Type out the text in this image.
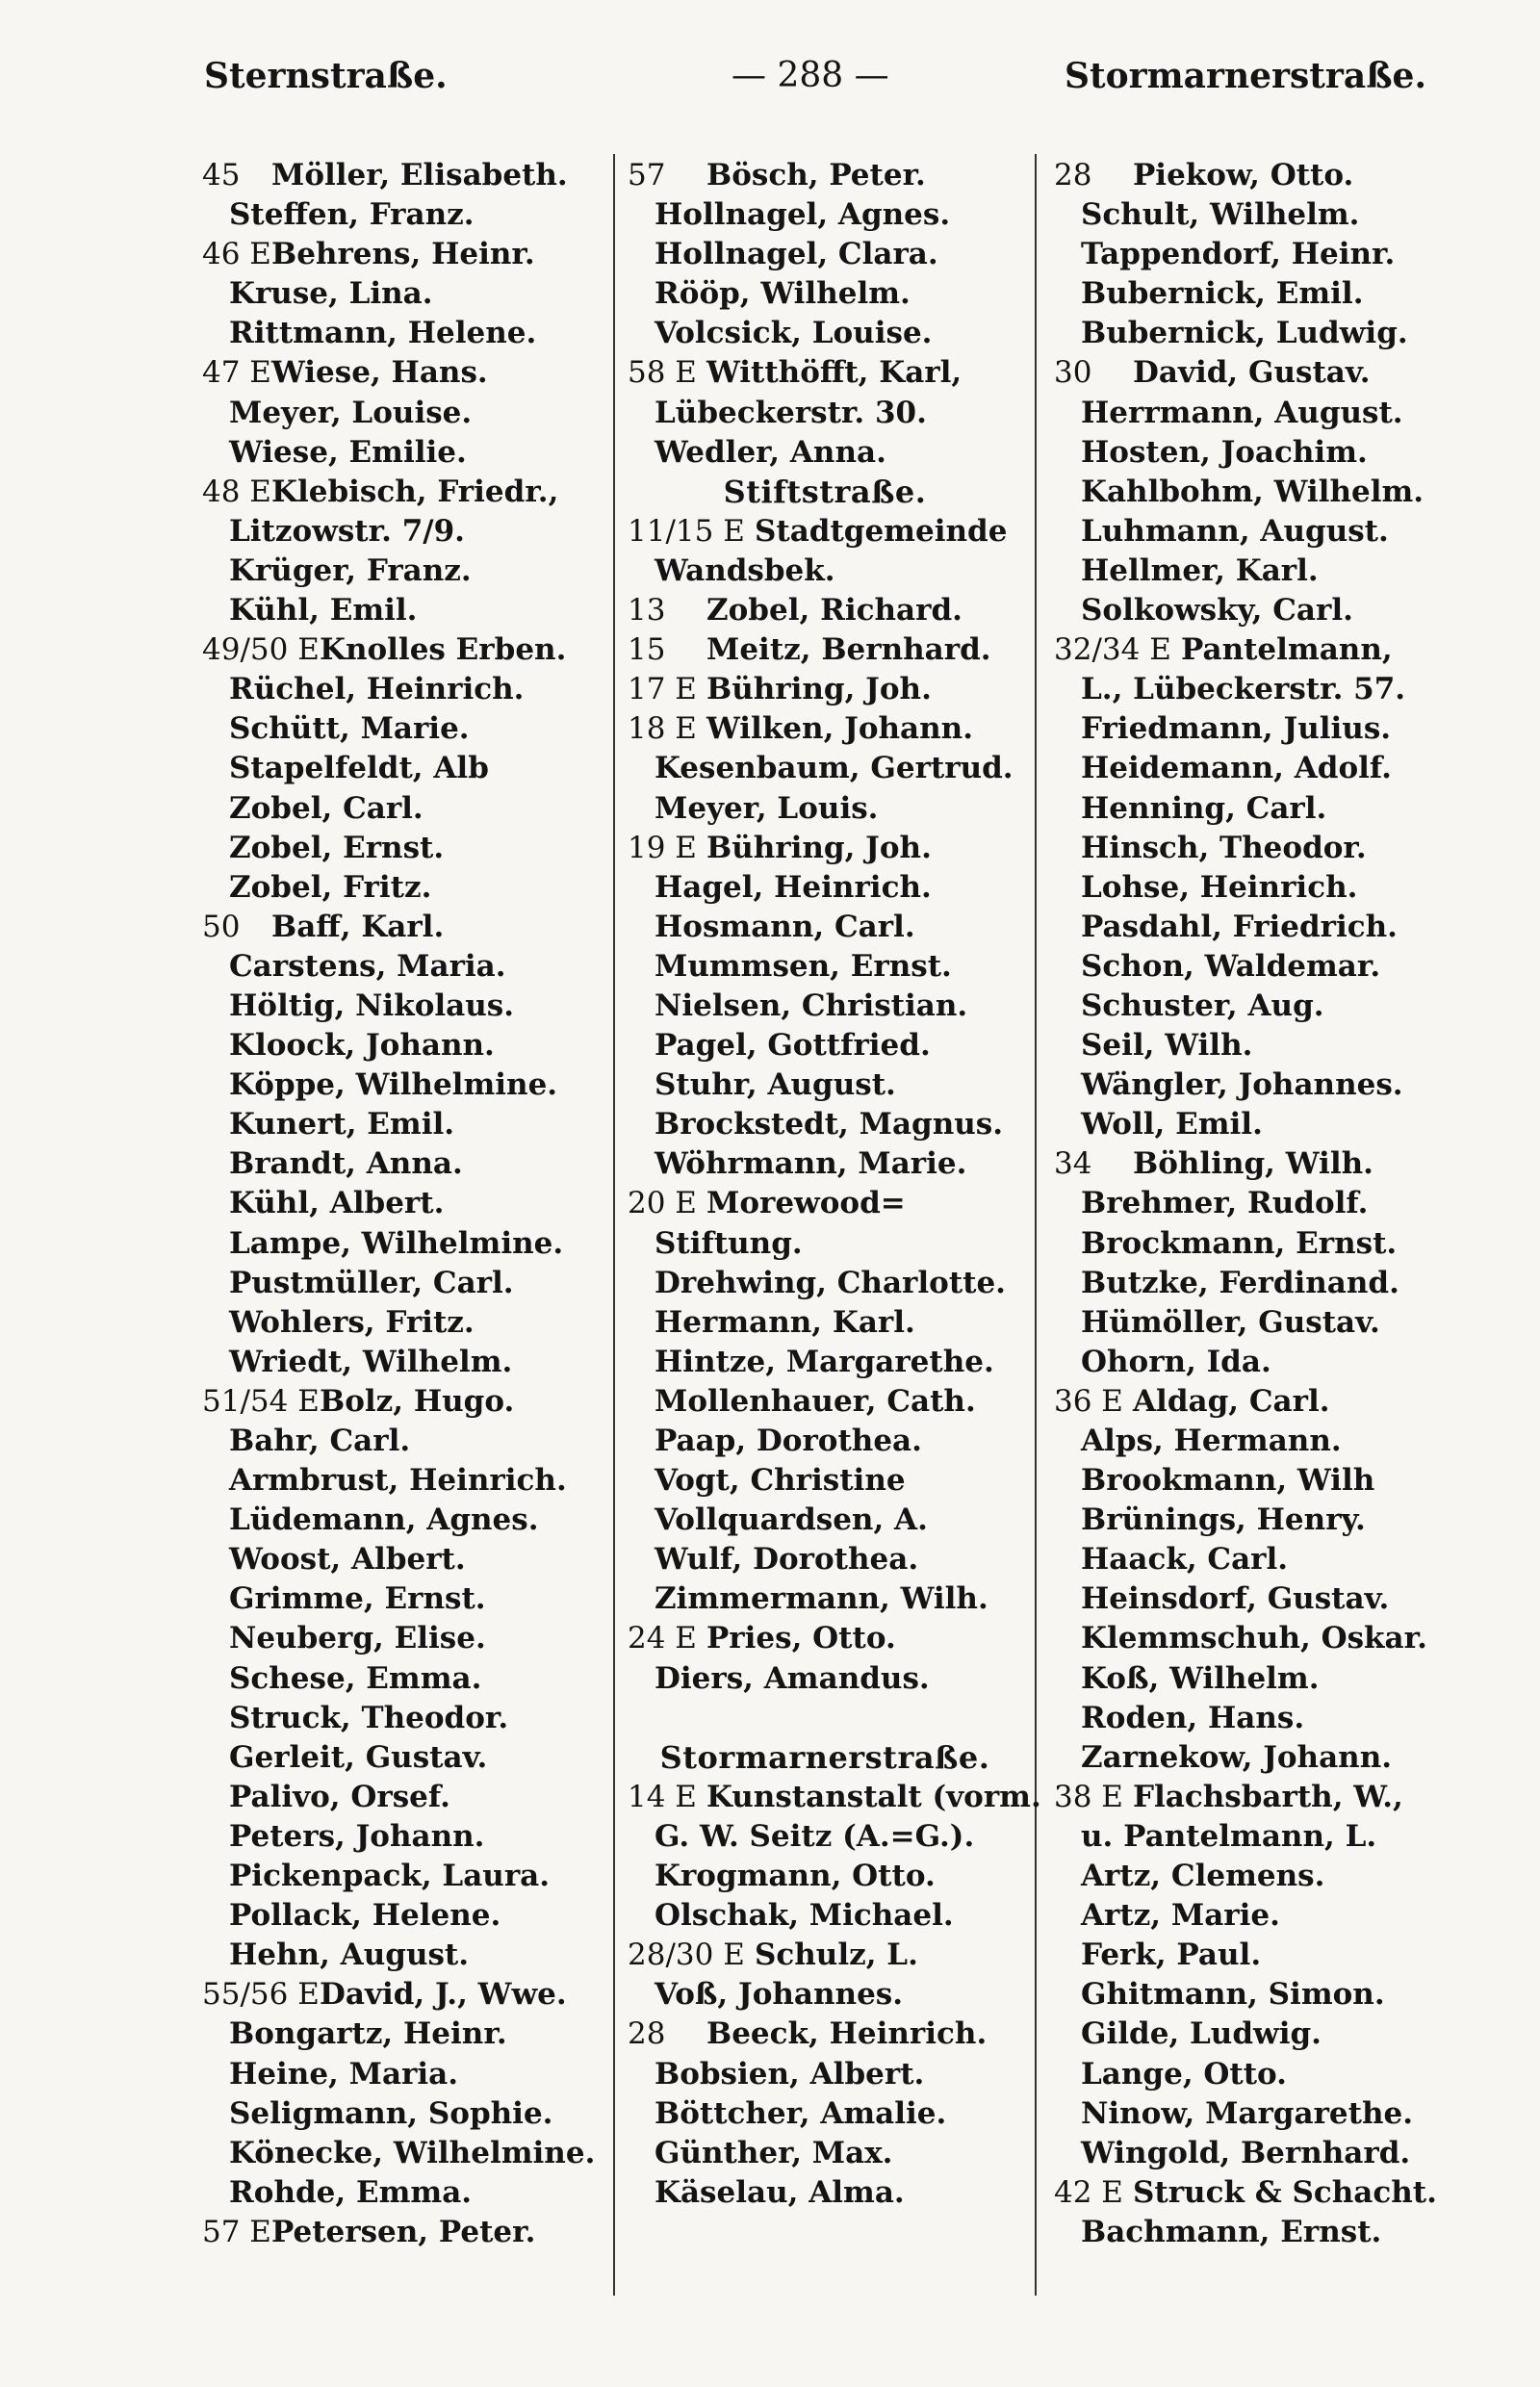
Sternstraße.	— 288 —	Stormarnerstraße.
45 Möller, Elisabeth.
Steffen, Franz.
46 E Behrens, Heinr.
Kruse, Lina.
Rittmann, Helene.
47 E Wiese, Hans.
Meyer, Louise.
Wiese, Emilie.
48 E Klebisch, Friedr.,
Litzowstr. 7/9.
Krüger, Franz.
Kühl, Emil.
49/50 E Knolles Erben.
Rüchel, Heinrich.
Schütt, Marie.
Stapelfeldt, Alb
Zobel, Carl.
Zobel, Ernst.
Zobel, Fritz.
50 Baff, Karl.
Carstens, Maria.
Höltig, Nikolaus.
Kloock, Johann.
Köppe, Wilhelmine.
Kunert, Emil.
Brandt, Anna.
Kühl, Albert.
Lampe, Wilhelmine.
Pustmüller, Carl.
Wohlers, Fritz.
Wriedt, Wilhelm.
51/54 E Bolz, Hugo.
Bahr, Carl.
Armbrust, Heinrich.
Lüdemann, Agnes.
Woost, Albert.
Grimme, Ernst.
Neuberg, Elise.
Schese, Emma.
Struck, Theodor.
Gerleit, Gustav.
Palivo, Orsef.
Peters, Johann.
Pickenpack, Laura.
Pollack, Helene.
Hehn, August.
55/56 E David, J., Wwe.
Bongartz, Heinr.
Heine, Maria.
Seligmann, Sophie.
Könecke, Wilhelmine.
Rohde, Emma.
57 E Petersen, Peter.
57 Bösch, Peter.
Hollnagel, Agnes.
Hollnagel, Clara.
Rööp, Wilhelm.
Volcsick, Louise.
58 E Witthöfft, Karl,
Lübeckerstr. 30.
Wedler, Anna.
Stiftstraße.
11/15 E Stadtgemeinde
Wandsbek.
13 Zobel, Richard.
15 Meitz, Bernhard.
17 E Bühring, Joh.
18 E Wilken, Johann.
Kesenbaum, Gertrud.
Meyer, Louis.
19 E Bühring, Joh.
Hagel, Heinrich.
Hosmann, Carl.
Mummsen, Ernst.
Nielsen, Christian.
Pagel, Gottfried.
Stuhr, August.
Brockstedt, Magnus.
Wöhrmann, Marie.
20 E Morewood=
Stiftung.
Drehwing, Charlotte.
Hermann, Karl.
Hintze, Margarethe.
Mollenhauer, Cath.
Paap, Dorothea.
Vogt, Christine
Vollquardsen, A.
Wulf, Dorothea.
Zimmermann, Wilh.
24 E Pries, Otto.
Diers, Amandus.
Stormarnerstraße.
14 E Kunstanstalt (vorm.
G. W. Seitz (A.=G.).
Krogmann, Otto.
Olschak, Michael.
28/30 E Schulz, L.
Voß, Johannes.
28 Beeck, Heinrich.
Bobsien, Albert.
Böttcher, Amalie.
Günther, Max.
Käselau, Alma.
28 Piekow, Otto.
Schult, Wilhelm.
Tappendorf, Heinr.
Bubernick, Emil.
Bubernick, Ludwig.
30 David, Gustav.
Herrmann, August.
Hosten, Joachim.
Kahlbohm, Wilhelm.
Luhmann, August.
Hellmer, Karl.
Solkowsky, Carl.
32/34 E Pantelmann,
L., Lübeckerstr. 57.
Friedmann, Julius.
Heidemann, Adolf.
Henning, Carl.
Hinsch, Theodor.
Lohse, Heinrich.
Pasdahl, Friedrich.
Schon, Waldemar.
Schuster, Aug.
Seil, Wilh.
Wängler, Johannes.
Woll, Emil.
34 Böhling, Wilh.
Brehmer, Rudolf.
Brockmann, Ernst.
Butzke, Ferdinand.
Hümöller, Gustav.
Ohorn, Ida.
36 E Aldag, Carl.
Alps, Hermann.
Brookmann, Wilh
Brünings, Henry.
Haack, Carl.
Heinsdorf, Gustav.
Klemmschuh, Oskar.
Koß, Wilhelm.
Roden, Hans.
Zarnekow, Johann.
38 E Flachsbarth, W.,
u. Pantelmann, L.
Artz, Clemens.
Artz, Marie.
Ferk, Paul.
Ghitmann, Simon.
Gilde, Ludwig.
Lange, Otto.
Ninow, Margarethe.
Wingold, Bernhard.
42 E Struck & Schacht.
Bachmann, Ernst.
